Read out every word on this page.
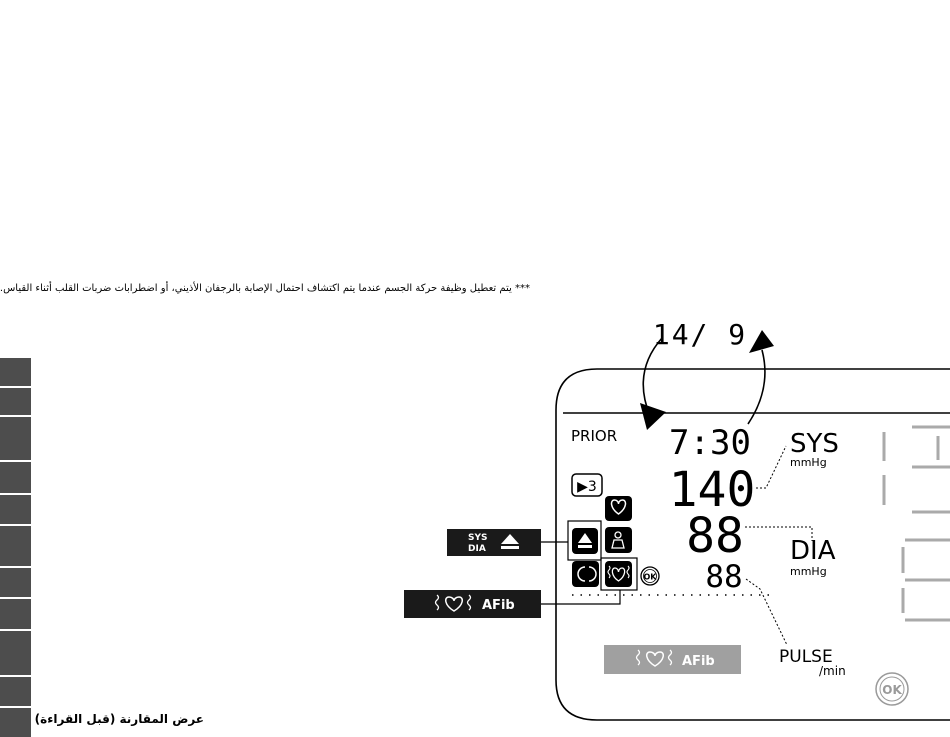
*** يتم تعطيل وظيفة حركة الجسم عندما يتم اكتشاف احتمال الإصابة بالرجفان الأذيني، أو اضطرابات ضربات القلب أثناء القياس.
عرض المقارنة (قبل القراءة)
14/ 9
PRIOR 7:30
140
88
88
▶3
OK
SYS
mmHg
DIA
mmHg
PULSE
/min
AFib
OK
SYS
DIA
AFib
